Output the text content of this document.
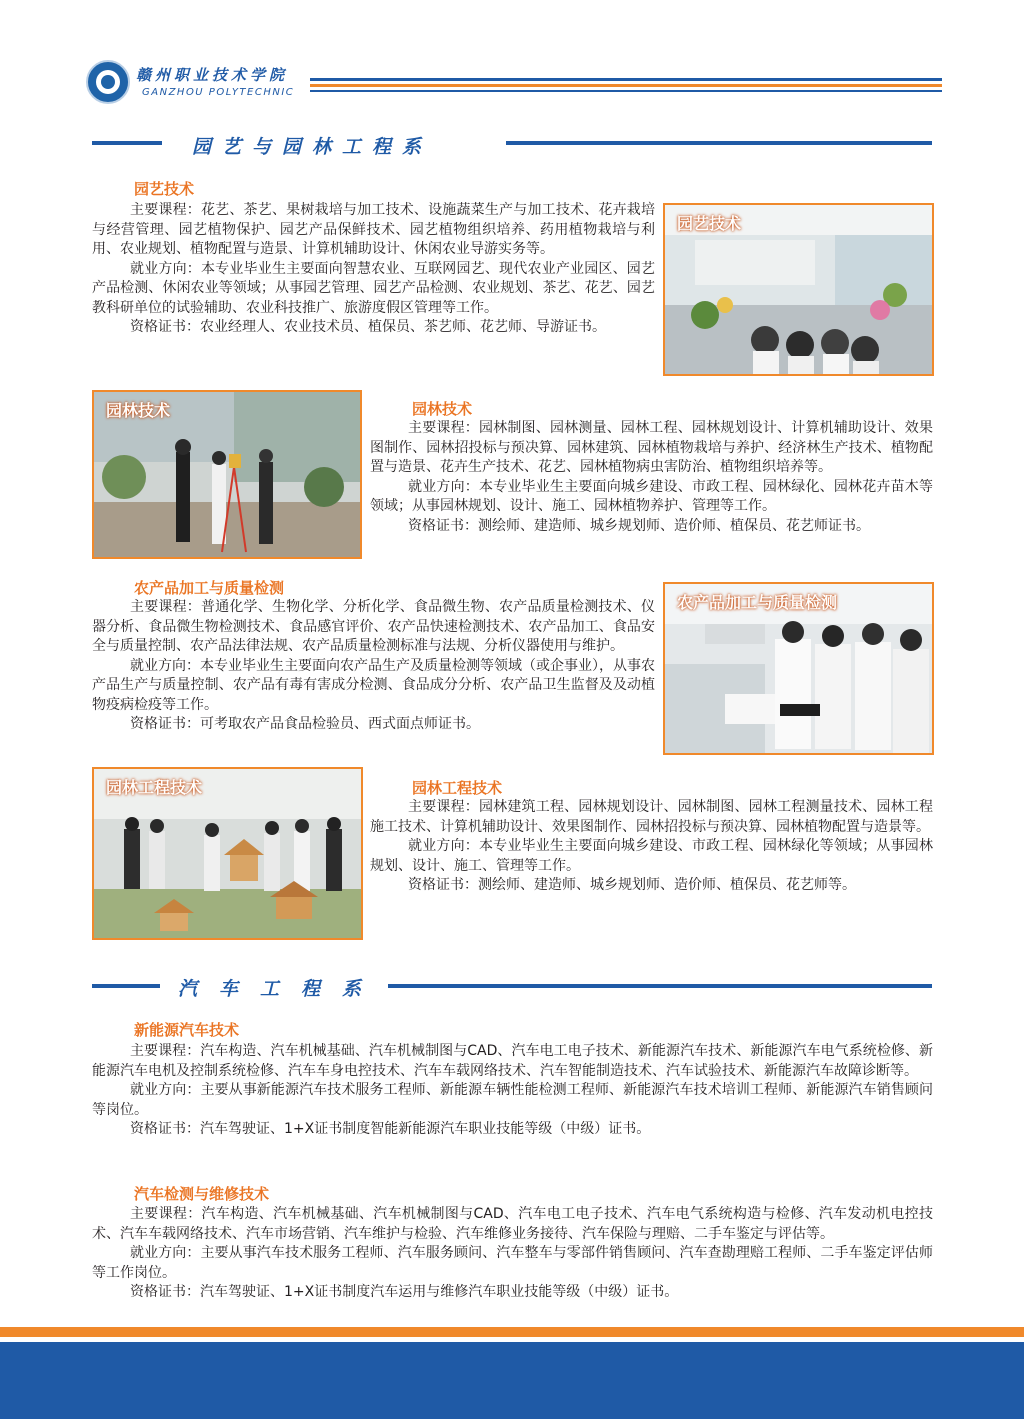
赣州职业技术学院
GANZHOU POLYTECHNIC
园艺与园林工程系
园艺技术

主要课程：花艺、茶艺、果树栽培与加工技术、设施蔬菜生产与加工技术、花卉栽培与经营管理、园艺植物保护、园艺产品保鲜技术、园艺植物组织培养、药用植物栽培与利用、农业规划、植物配置与造景、计算机辅助设计、休闲农业导游实务等。

就业方向：本专业毕业生主要面向智慧农业、互联网园艺、现代农业产业园区、园艺产品检测、休闲农业等领域；从事园艺管理、园艺产品检测、农业规划、茶艺、花艺、园艺教科研单位的试验辅助、农业科技推广、旅游度假区管理等工作。

资格证书：农业经理人、农业技术员、植保员、茶艺师、花艺师、导游证书。

园艺技术
园林技术	园林技术

主要课程：园林制图、园林测量、园林工程、园林规划设计、计算机辅助设计、效果图制作、园林招投标与预决算、园林建筑、园林植物栽培与养护、经济林生产技术、植物配置与造景、花卉生产技术、花艺、园林植物病虫害防治、植物组织培养等。

就业方向：本专业毕业生主要面向城乡建设、市政工程、园林绿化、园林花卉苗木等领域；从事园林规划、设计、施工、园林植物养护、管理等工作。

资格证书：测绘师、建造师、城乡规划师、造价师、植保员、花艺师证书。

农产品加工与质量检测

主要课程：普通化学、生物化学、分析化学、食品微生物、农产品质量检测技术、仪器分析、食品微生物检测技术、食品感官评价、农产品快速检测技术、农产品加工、食品安全与质量控制、农产品法律法规、农产品质量检测标准与法规、分析仪器使用与维护。

就业方向：本专业毕业生主要面向农产品生产及质量检测等领域（或企事业），从事农产品生产与质量控制、农产品有毒有害成分检测、食品成分分析、农产品卫生监督及及动植物疫病检疫等工作。

资格证书：可考取农产品食品检验员、西式面点师证书。

农产品加工与质量检测
园林工程技术	园林工程技术

主要课程：园林建筑工程、园林规划设计、园林制图、园林工程测量技术、园林工程施工技术、计算机辅助设计、效果图制作、园林招投标与预决算、园林植物配置与造景等。

就业方向：本专业毕业生主要面向城乡建设、市政工程、园林绿化等领域；从事园林规划、设计、施工、管理等工作。

资格证书：测绘师、建造师、城乡规划师、造价师、植保员、花艺师等。

汽车工程系
新能源汽车技术

主要课程：汽车构造、汽车机械基础、汽车机械制图与CAD、汽车电工电子技术、新能源汽车技术、新能源汽车电气系统检修、新能源汽车电机及控制系统检修、汽车车身电控技术、汽车车载网络技术、汽车智能制造技术、汽车试验技术、新能源汽车故障诊断等。

就业方向：主要从事新能源汽车技术服务工程师、新能源车辆性能检测工程师、新能源汽车技术培训工程师、新能源汽车销售顾问等岗位。

资格证书：汽车驾驶证、1+X证书制度智能新能源汽车职业技能等级（中级）证书。

汽车检测与维修技术

主要课程：汽车构造、汽车机械基础、汽车机械制图与CAD、汽车电工电子技术、汽车电气系统构造与检修、汽车发动机电控技术、汽车车载网络技术、汽车市场营销、汽车维护与检验、汽车维修业务接待、汽车保险与理赔、二手车鉴定与评估等。

就业方向：主要从事汽车技术服务工程师、汽车服务顾问、汽车整车与零部件销售顾问、汽车查勘理赔工程师、二手车鉴定评估师等工作岗位。

资格证书：汽车驾驶证、1+X证书制度汽车运用与维修汽车职业技能等级（中级）证书。
